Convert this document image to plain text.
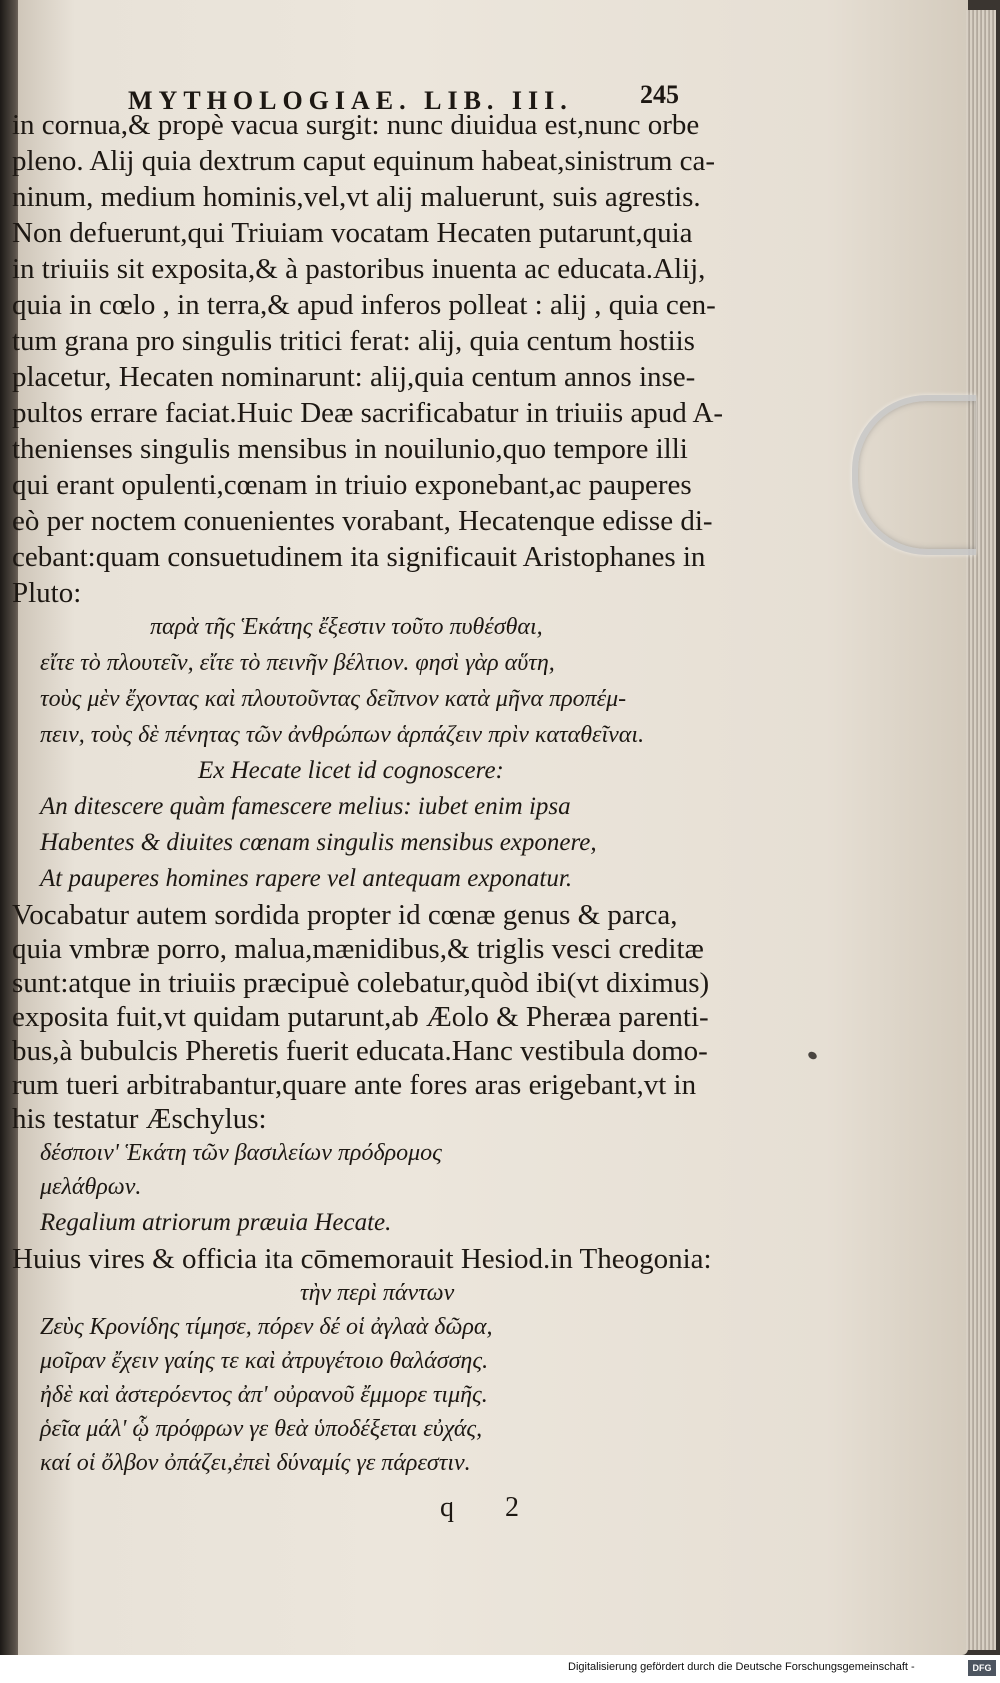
MYTHOLOGIAE. LIB. III.	245
in cornua,& propè vacua surgit: nunc diuidua est,nunc orbe
pleno. Alij quia dextrum caput equinum habeat,sinistrum ca-
ninum, medium hominis,vel,vt alij maluerunt, suis agrestis.
Non defuerunt,qui Triuiam vocatam Hecaten putarunt,quia
in triuiis sit exposita,& à pastoribus inuenta ac educata.Alij,
quia in cœlo , in terra,& apud inferos polleat : alij , quia cen-
tum grana pro singulis tritici ferat: alij, quia centum hostiis
placetur, Hecaten nominarunt: alij,quia centum annos inse-
pultos errare faciat.Huic Deæ sacrificabatur in triuiis apud A-
thenienses singulis mensibus in nouilunio,quo tempore illi
qui erant opulenti,cœnam in triuio exponebant,ac pauperes
eò per noctem conuenientes vorabant, Hecatenque edisse di-
cebant:quam consuetudinem ita significauit Aristophanes in
Pluto:
παρὰ τῆς Ἑκάτης ἔξεστιν τοῦτο πυθέσθαι,
εἴτε τὸ πλουτεῖν, εἴτε τὸ πεινῆν βέλτιον. φησὶ γὰρ αὕτη,
τοὺς μὲν ἔχοντας καὶ πλουτοῦντας δεῖπνον κατὰ μῆνα προπέμ-
πειν, τοὺς δὲ πένητας τῶν ἀνθρώπων ἁρπάζειν πρὶν καταθεῖναι.
Ex Hecate licet id cognoscere:
An ditescere quàm famescere melius: iubet enim ipsa
Habentes & diuites cœnam singulis mensibus exponere,
At pauperes homines rapere vel antequam exponatur.
Vocabatur autem sordida propter id cœnæ genus & parca,
quia vmbræ porro, malua,mænidibus,& triglis vesci creditæ
sunt:atque in triuiis præcipuè colebatur,quòd ibi(vt diximus)
exposita fuit,vt quidam putarunt,ab Æolo & Pheræa parenti-
bus,à bubulcis Pheretis fuerit educata.Hanc vestibula domo-
rum tueri arbitrabantur,quare ante fores aras erigebant,vt in
his testatur Æschylus:
δέσποιν' Ἑκάτη τῶν βασιλείων πρόδρομος
μελάθρων.
Regalium atriorum præuia Hecate.
Huius vires & officia ita cōmemorauit Hesiod.in Theogonia:
τὴν περὶ πάντων
Ζεὺς Κρονίδης τίμησε, πόρεν δέ οἱ ἀγλαὰ δῶρα,
μοῖραν ἔχειν γαίης τε καὶ ἀτρυγέτοιο θαλάσσης.
ἠδὲ καὶ ἀστερόεντος ἀπ' οὐρανοῦ ἔμμορε τιμῆς.
ῥεῖα μάλ' ᾧ πρόφρων γε θεὰ ὑποδέξεται εὐχάς,
καί οἱ ὄλβον ὀπάζει,ἐπεὶ δύναμίς γε πάρεστιν.
q 2
Digitalisierung gefördert durch die Deutsche Forschungsgemeinschaft -	DFG
